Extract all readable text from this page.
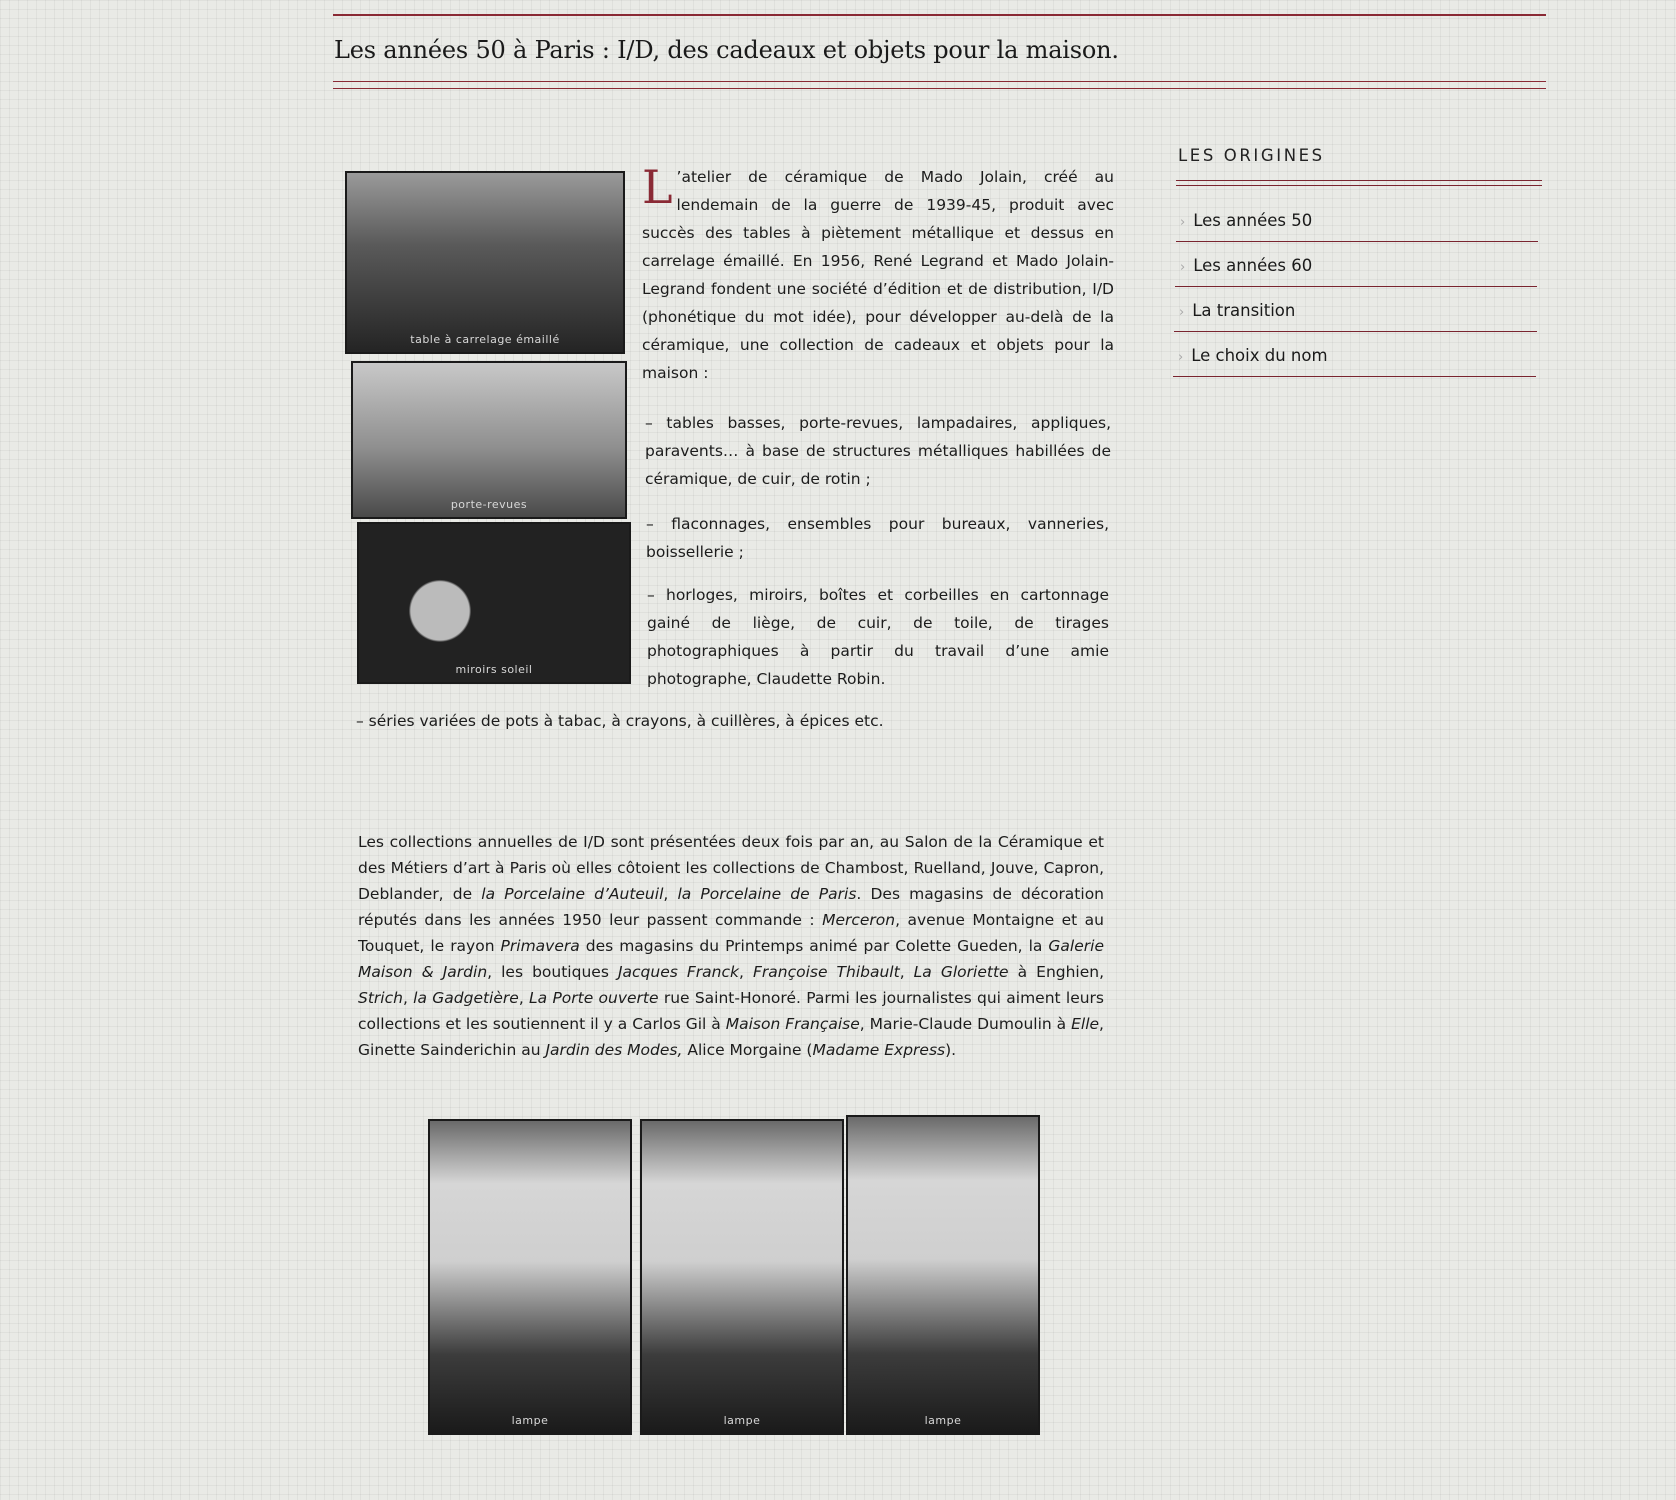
Les années 50 à Paris : I/D, des cadeaux et objets pour la maison.
table à carrelage émaillé
porte-revues
miroirs soleil

L ’atelier de céramique de Mado Jolain, créé au lendemain de la guerre de 1939-45, produit avec succès des tables à piètement métallique et dessus en carrelage émaillé. En 1956, René Legrand et Mado Jolain-Legrand fondent une société d’édition et de distribution, I/D (phonétique du mot idée), pour développer au-delà de la céramique, une collection de cadeaux et objets pour la maison :

– tables basses, porte-revues, lampadaires, appliques, paravents… à base de structures métalliques habillées de céramique, de cuir, de rotin ;

– flaconnages, ensembles pour bureaux, vanneries, boissellerie ;

– horloges, miroirs, boîtes et corbeilles en cartonnage gainé de liège, de cuir, de toile, de tirages photographiques à partir du travail d’une amie photographe, Claudette Robin.

– séries variées de pots à tabac, à crayons, à cuillères, à épices etc.

Les collections annuelles de I/D sont présentées deux fois par an, au Salon de la Céramique et des Métiers d’art à Paris où elles côtoient les collections de Chambost, Ruelland, Jouve, Capron, Deblander, de la Porcelaine d’Auteuil, la Porcelaine de Paris. Des magasins de décoration réputés dans les années 1950 leur passent commande : Merceron, avenue Montaigne et au Touquet, le rayon Primavera des magasins du Printemps animé par Colette Gueden, la Galerie Maison & Jardin, les boutiques Jacques Franck, Françoise Thibault, La Gloriette à Enghien, Strich, la Gadgetière, La Porte ouverte rue Saint-Honoré. Parmi les journalistes qui aiment leurs collections et les soutiennent il y a Carlos Gil à Maison Française, Marie-Claude Dumoulin à Elle, Ginette Sainderichin au Jardin des Modes, Alice Morgaine (Madame Express).

lampe	lampe	lampe
LES ORIGINES
› Les années 50
› Les années 60
› La transition
› Le choix du nom
